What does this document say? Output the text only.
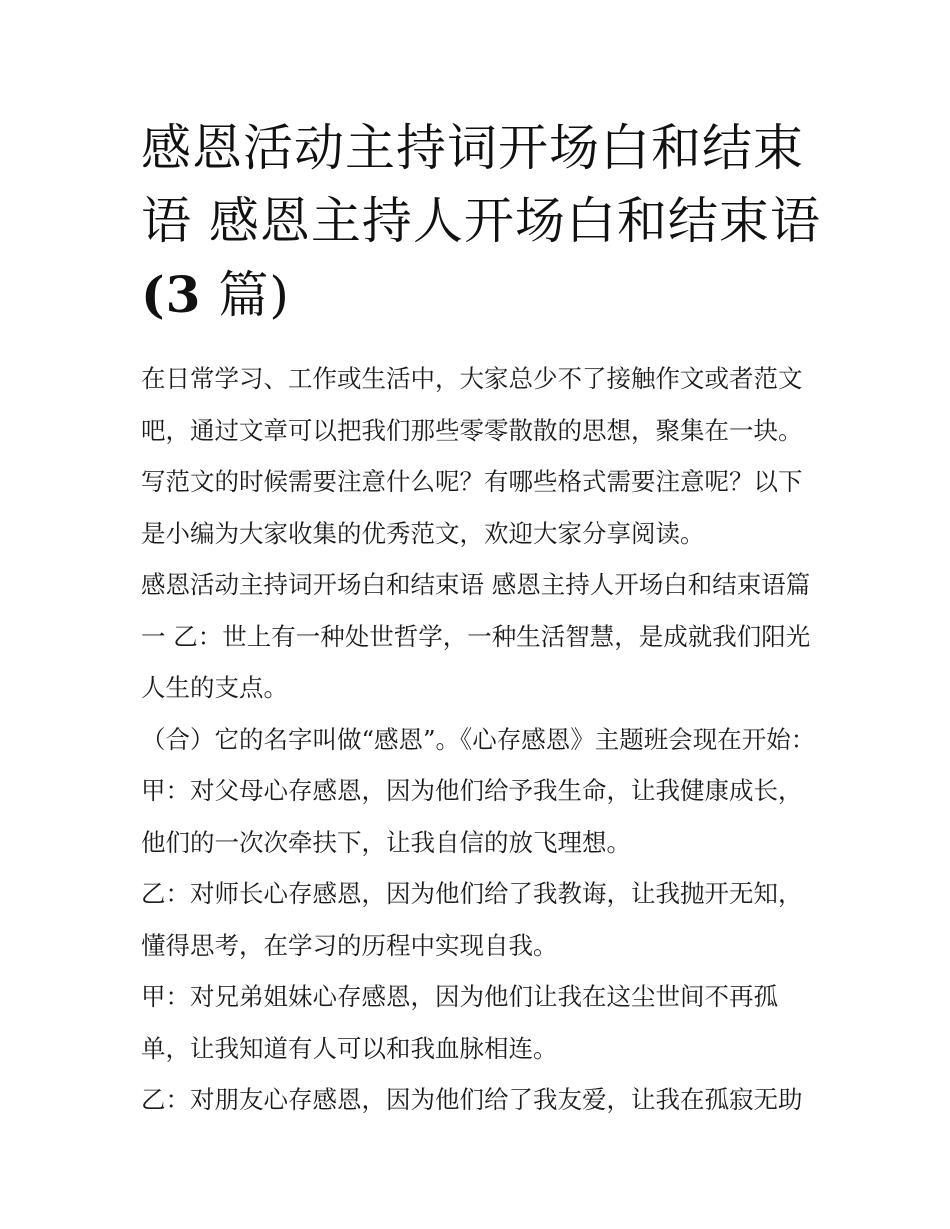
感恩活动主持词开场白和结束
语 感恩主持人开场白和结束语
(3 篇)

在日常学习、工作或生活中，大家总少不了接触作文或者范文吧，通过文章可以把我们那些零零散散的思想，聚集在一块。写范文的时候需要注意什么呢？有哪些格式需要注意呢？以下是小编为大家收集的优秀范文，欢迎大家分享阅读。

感恩活动主持词开场白和结束语 感恩主持人开场白和结束语篇一 乙：世上有一种处世哲学，一种生活智慧，是成就我们阳光人生的支点。

（合）它的名字叫做“感恩”。《心存感恩》主题班会现在开始： 甲：对父母心存感恩，因为他们给予我生命，让我健康成长，他们的一次次牵扶下，让我自信的放飞理想。

乙：对师长心存感恩，因为他们给了我教诲，让我抛开无知，懂得思考，在学习的历程中实现自我。

甲：对兄弟姐妹心存感恩，因为他们让我在这尘世间不再孤单，让我知道有人可以和我血脉相连。

乙：对朋友心存感恩，因为他们给了我友爱，让我在孤寂无助
